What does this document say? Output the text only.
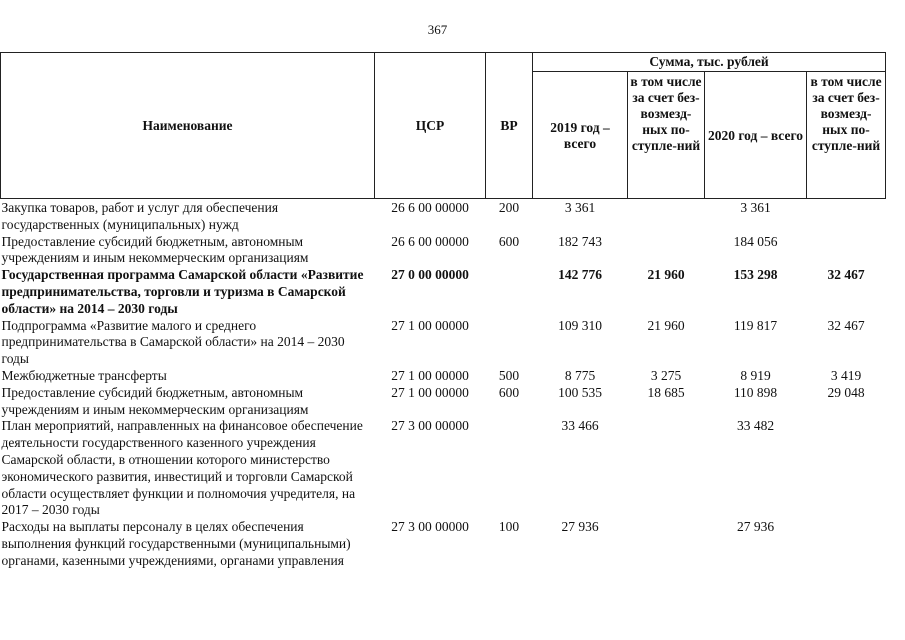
367
Наименование	ЦСР	ВР	Сумма, тыс. рублей			
			2019 год – всего	в том числе за счет без-возмезд-ных по-ступле-ний	2020 год – всего	в том числе за счет без-возмезд-ных по-ступле-ний
Закупка товаров, работ и услуг для обеспечения государственных (муниципальных) нужд	26 6 00 00000	200	3 361		3 361	
Предоставление субсидий бюджетным, автономным учреждениям и иным некоммерческим организациям	26 6 00 00000	600	182 743		184 056	
Государственная программа Самарской области «Развитие предпринимательства, торговли и туризма в Самарской области» на 2014 – 2030 годы	27 0 00 00000		142 776	21 960	153 298	32 467
Подпрограмма «Развитие малого и среднего предпринимательства в Самарской области» на 2014 – 2030 годы	27 1 00 00000		109 310	21 960	119 817	32 467
Межбюджетные трансферты	27 1 00 00000	500	8 775	3 275	8 919	3 419
Предоставление субсидий бюджетным, автономным учреждениям и иным некоммерческим организациям	27 1 00 00000	600	100 535	18 685	110 898	29 048
План мероприятий, направленных на финансовое обеспечение деятельности государственного казенного учреждения Самарской области, в отношении которого министерство экономического развития, инвестиций и торговли Самарской области осуществляет функции и полномочия учредителя, на 2017 – 2030 годы	27 3 00 00000		33 466		33 482	
Расходы на выплаты персоналу в целях обеспечения выполнения функций государственными (муниципальными) органами, казенными учреждениями, органами управления	27 3 00 00000	100	27 936		27 936	
